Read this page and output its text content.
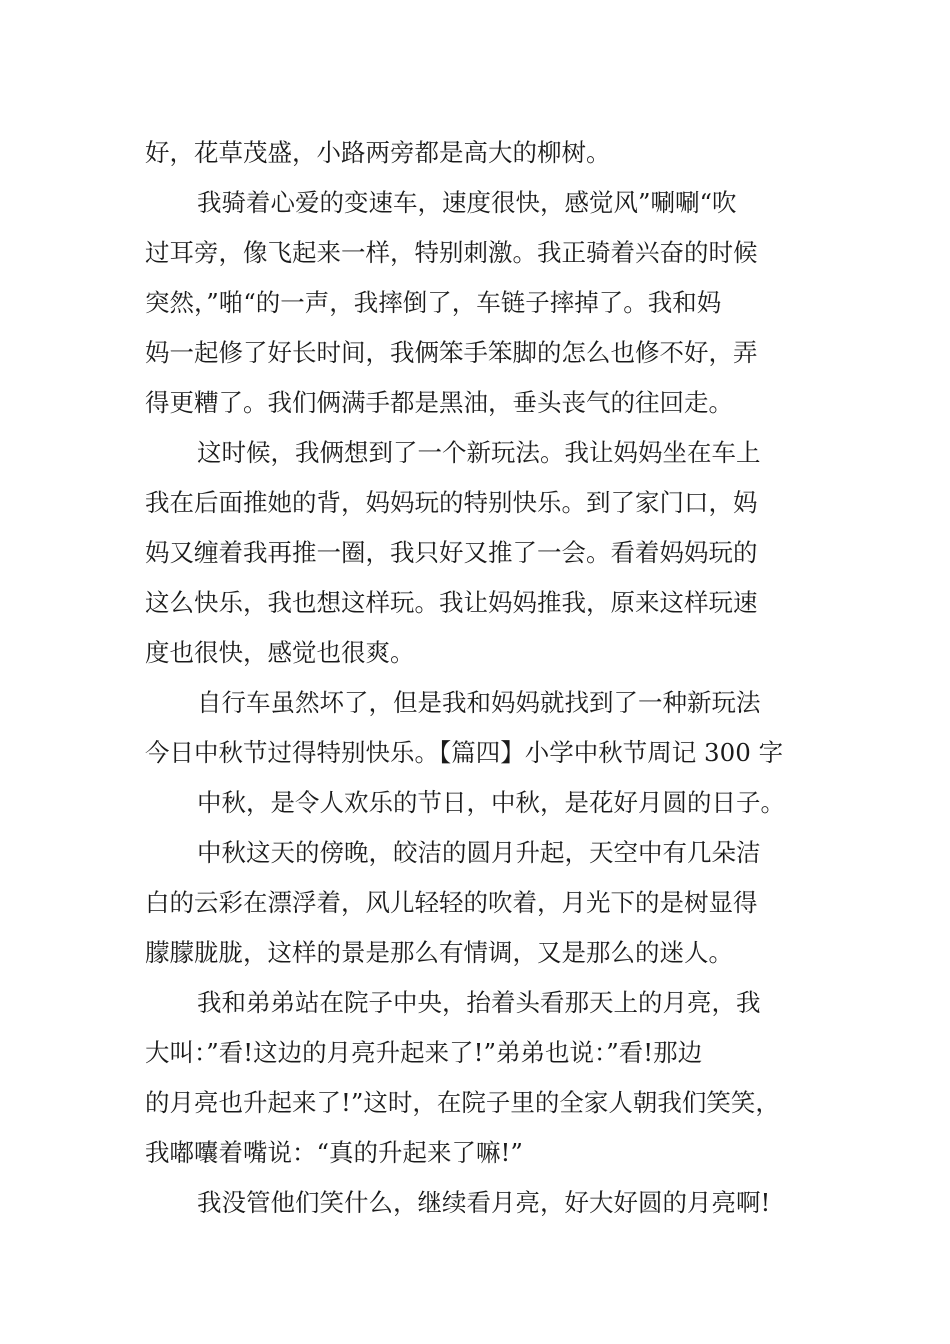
好，花草茂盛，小路两旁都是高大的柳树。
我骑着心爱的变速车，速度很快，感觉风”唰唰“吹
过耳旁，像飞起来一样，特别刺激。我正骑着兴奋的时候
突然，”啪“的一声，我摔倒了，车链子摔掉了。我和妈
妈一起修了好长时间，我俩笨手笨脚的怎么也修不好，弄
得更糟了。我们俩满手都是黑油，垂头丧气的往回走。
这时候，我俩想到了一个新玩法。我让妈妈坐在车上
我在后面推她的背，妈妈玩的特别快乐。到了家门口，妈
妈又缠着我再推一圈，我只好又推了一会。看着妈妈玩的
这么快乐，我也想这样玩。我让妈妈推我，原来这样玩速
度也很快，感觉也很爽。
自行车虽然坏了，但是我和妈妈就找到了一种新玩法
今日中秋节过得特别快乐。【篇四】小学中秋节周记 300 字
中秋，是令人欢乐的节日，中秋，是花好月圆的日子。
中秋这天的傍晚，皎洁的圆月升起，天空中有几朵洁
白的云彩在漂浮着，风儿轻轻的吹着，月光下的是树显得
朦朦胧胧，这样的景是那么有情调，又是那么的迷人。
我和弟弟站在院子中央，抬着头看那天上的月亮，我
大叫：”看!这边的月亮升起来了!”弟弟也说：”看!那边
的月亮也升起来了!”这时，在院子里的全家人朝我们笑笑，
我嘟囔着嘴说：“真的升起来了嘛!”
我没管他们笑什么，继续看月亮，好大好圆的月亮啊!
